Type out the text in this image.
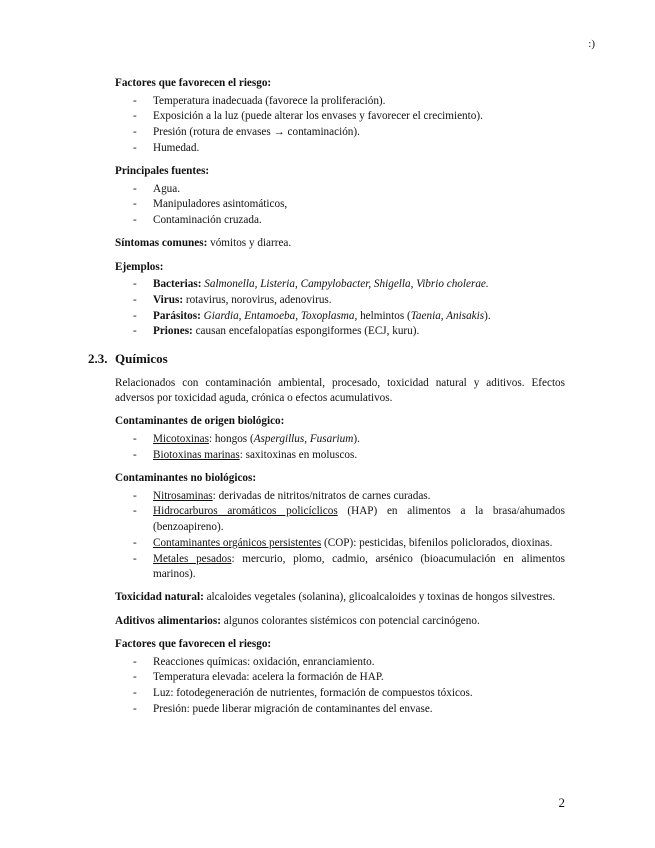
:)

Factores que favorecen el riesgo:

- Temperatura inadecuada (favorece la proliferación).
- Exposición a la luz (puede alterar los envases y favorecer el crecimiento).
- Presión (rotura de envases → contaminación).
- Humedad.

Principales fuentes:

- Agua.
- Manipuladores asintomáticos,
- Contaminación cruzada.

Síntomas comunes: vómitos y diarrea.

Ejemplos:

- Bacterias: Salmonella, Listeria, Campylobacter, Shigella, Vibrio cholerae.
- Virus: rotavirus, norovirus, adenovirus.
- Parásitos: Giardia, Entamoeba, Toxoplasma, helmintos (Taenia, Anisakis).
- Priones: causan encefalopatías espongiformes (ECJ, kuru).
2.3. Químicos

Relacionados con contaminación ambiental, procesado, toxicidad natural y aditivos. Efectos adversos por toxicidad aguda, crónica o efectos acumulativos.

Contaminantes de origen biológico:

- Micotoxinas: hongos (Aspergillus, Fusarium).
- Biotoxinas marinas: saxitoxinas en moluscos.

Contaminantes no biológicos:

- Nitrosaminas: derivadas de nitritos/nitratos de carnes curadas.
- Hidrocarburos aromáticos policíclicos (HAP) en alimentos a la brasa/ahumados (benzoapireno).
- Contaminantes orgánicos persistentes (COP): pesticidas, bifenilos policlorados, dioxinas.
- Metales pesados: mercurio, plomo, cadmio, arsénico (bioacumulación en alimentos marinos).

Toxicidad natural: alcaloides vegetales (solanina), glicoalcaloides y toxinas de hongos silvestres.

Aditivos alimentarios: algunos colorantes sistémicos con potencial carcinógeno.

Factores que favorecen el riesgo:

- Reacciones químicas: oxidación, enranciamiento.
- Temperatura elevada: acelera la formación de HAP.
- Luz: fotodegeneración de nutrientes, formación de compuestos tóxicos.
- Presión: puede liberar migración de contaminantes del envase.
2
